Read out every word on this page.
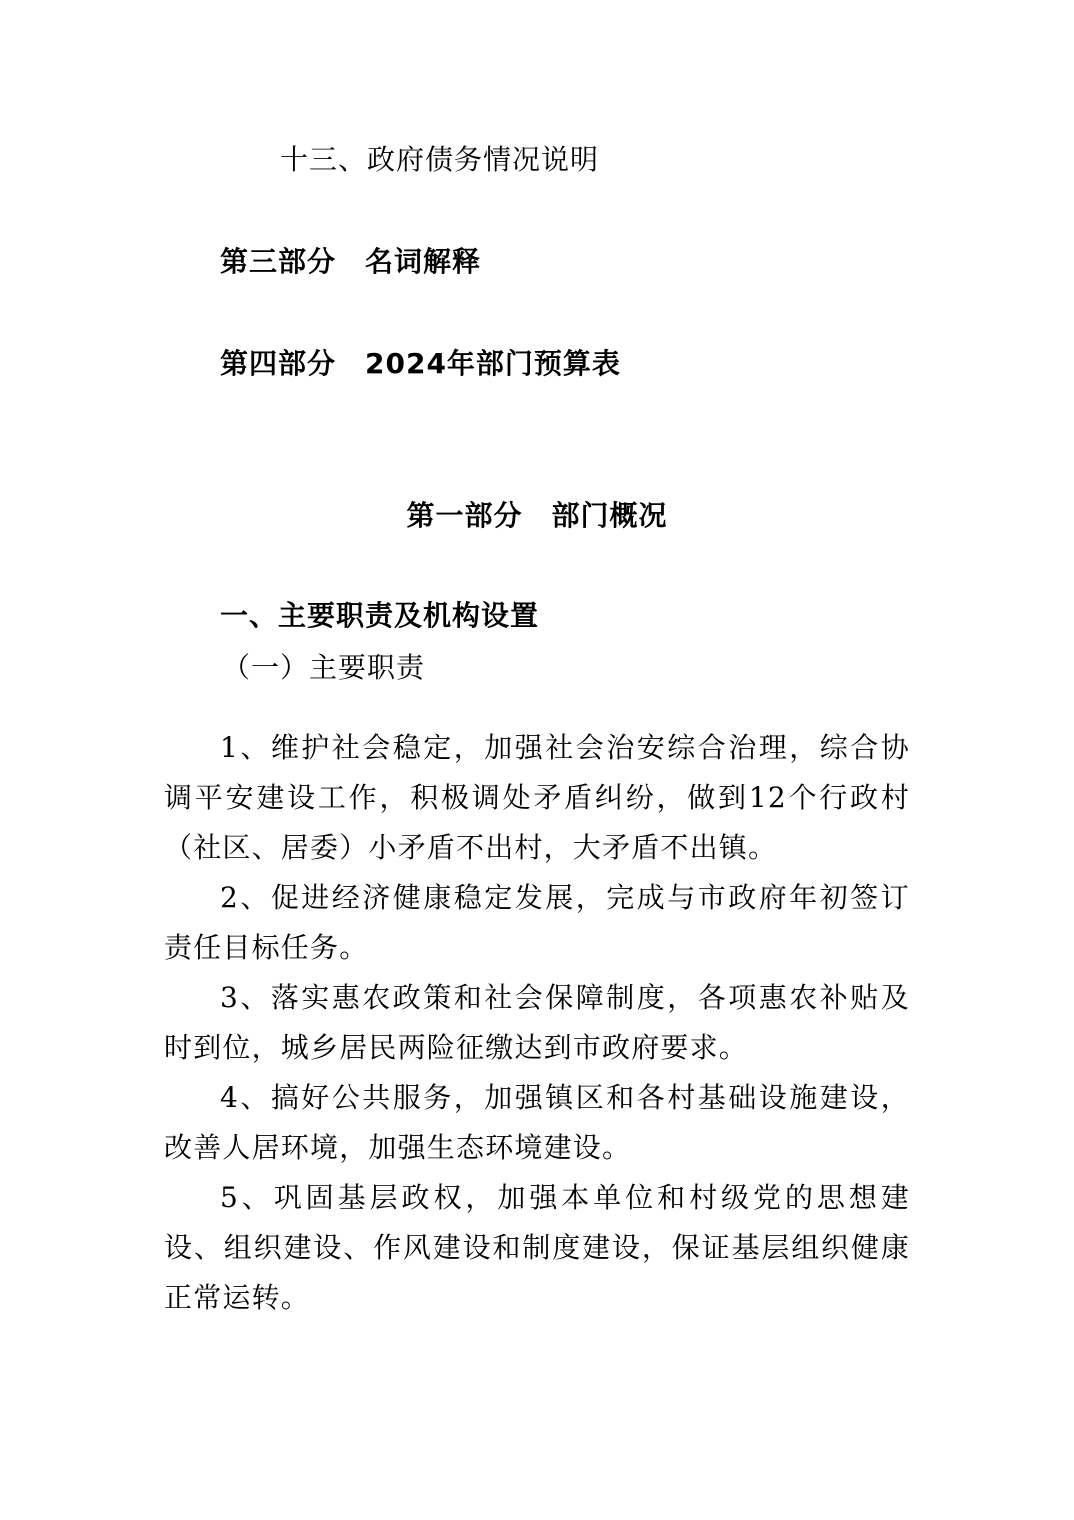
十三、政府债务情况说明
第三部分　名词解释
第四部分　2024年部门预算表
第一部分　部门概况
一、主要职责及机构设置
（一）主要职责

1、维护社会稳定，加强社会治安综合治理，综合协调平安建设工作，积极调处矛盾纠纷，做到12个行政村（社区、居委）小矛盾不出村，大矛盾不出镇。

2、促进经济健康稳定发展，完成与市政府年初签订责任目标任务。

3、落实惠农政策和社会保障制度，各项惠农补贴及时到位，城乡居民两险征缴达到市政府要求。

4、搞好公共服务，加强镇区和各村基础设施建设，改善人居环境，加强生态环境建设。

5、巩固基层政权，加强本单位和村级党的思想建设、组织建设、作风建设和制度建设，保证基层组织健康正常运转。
